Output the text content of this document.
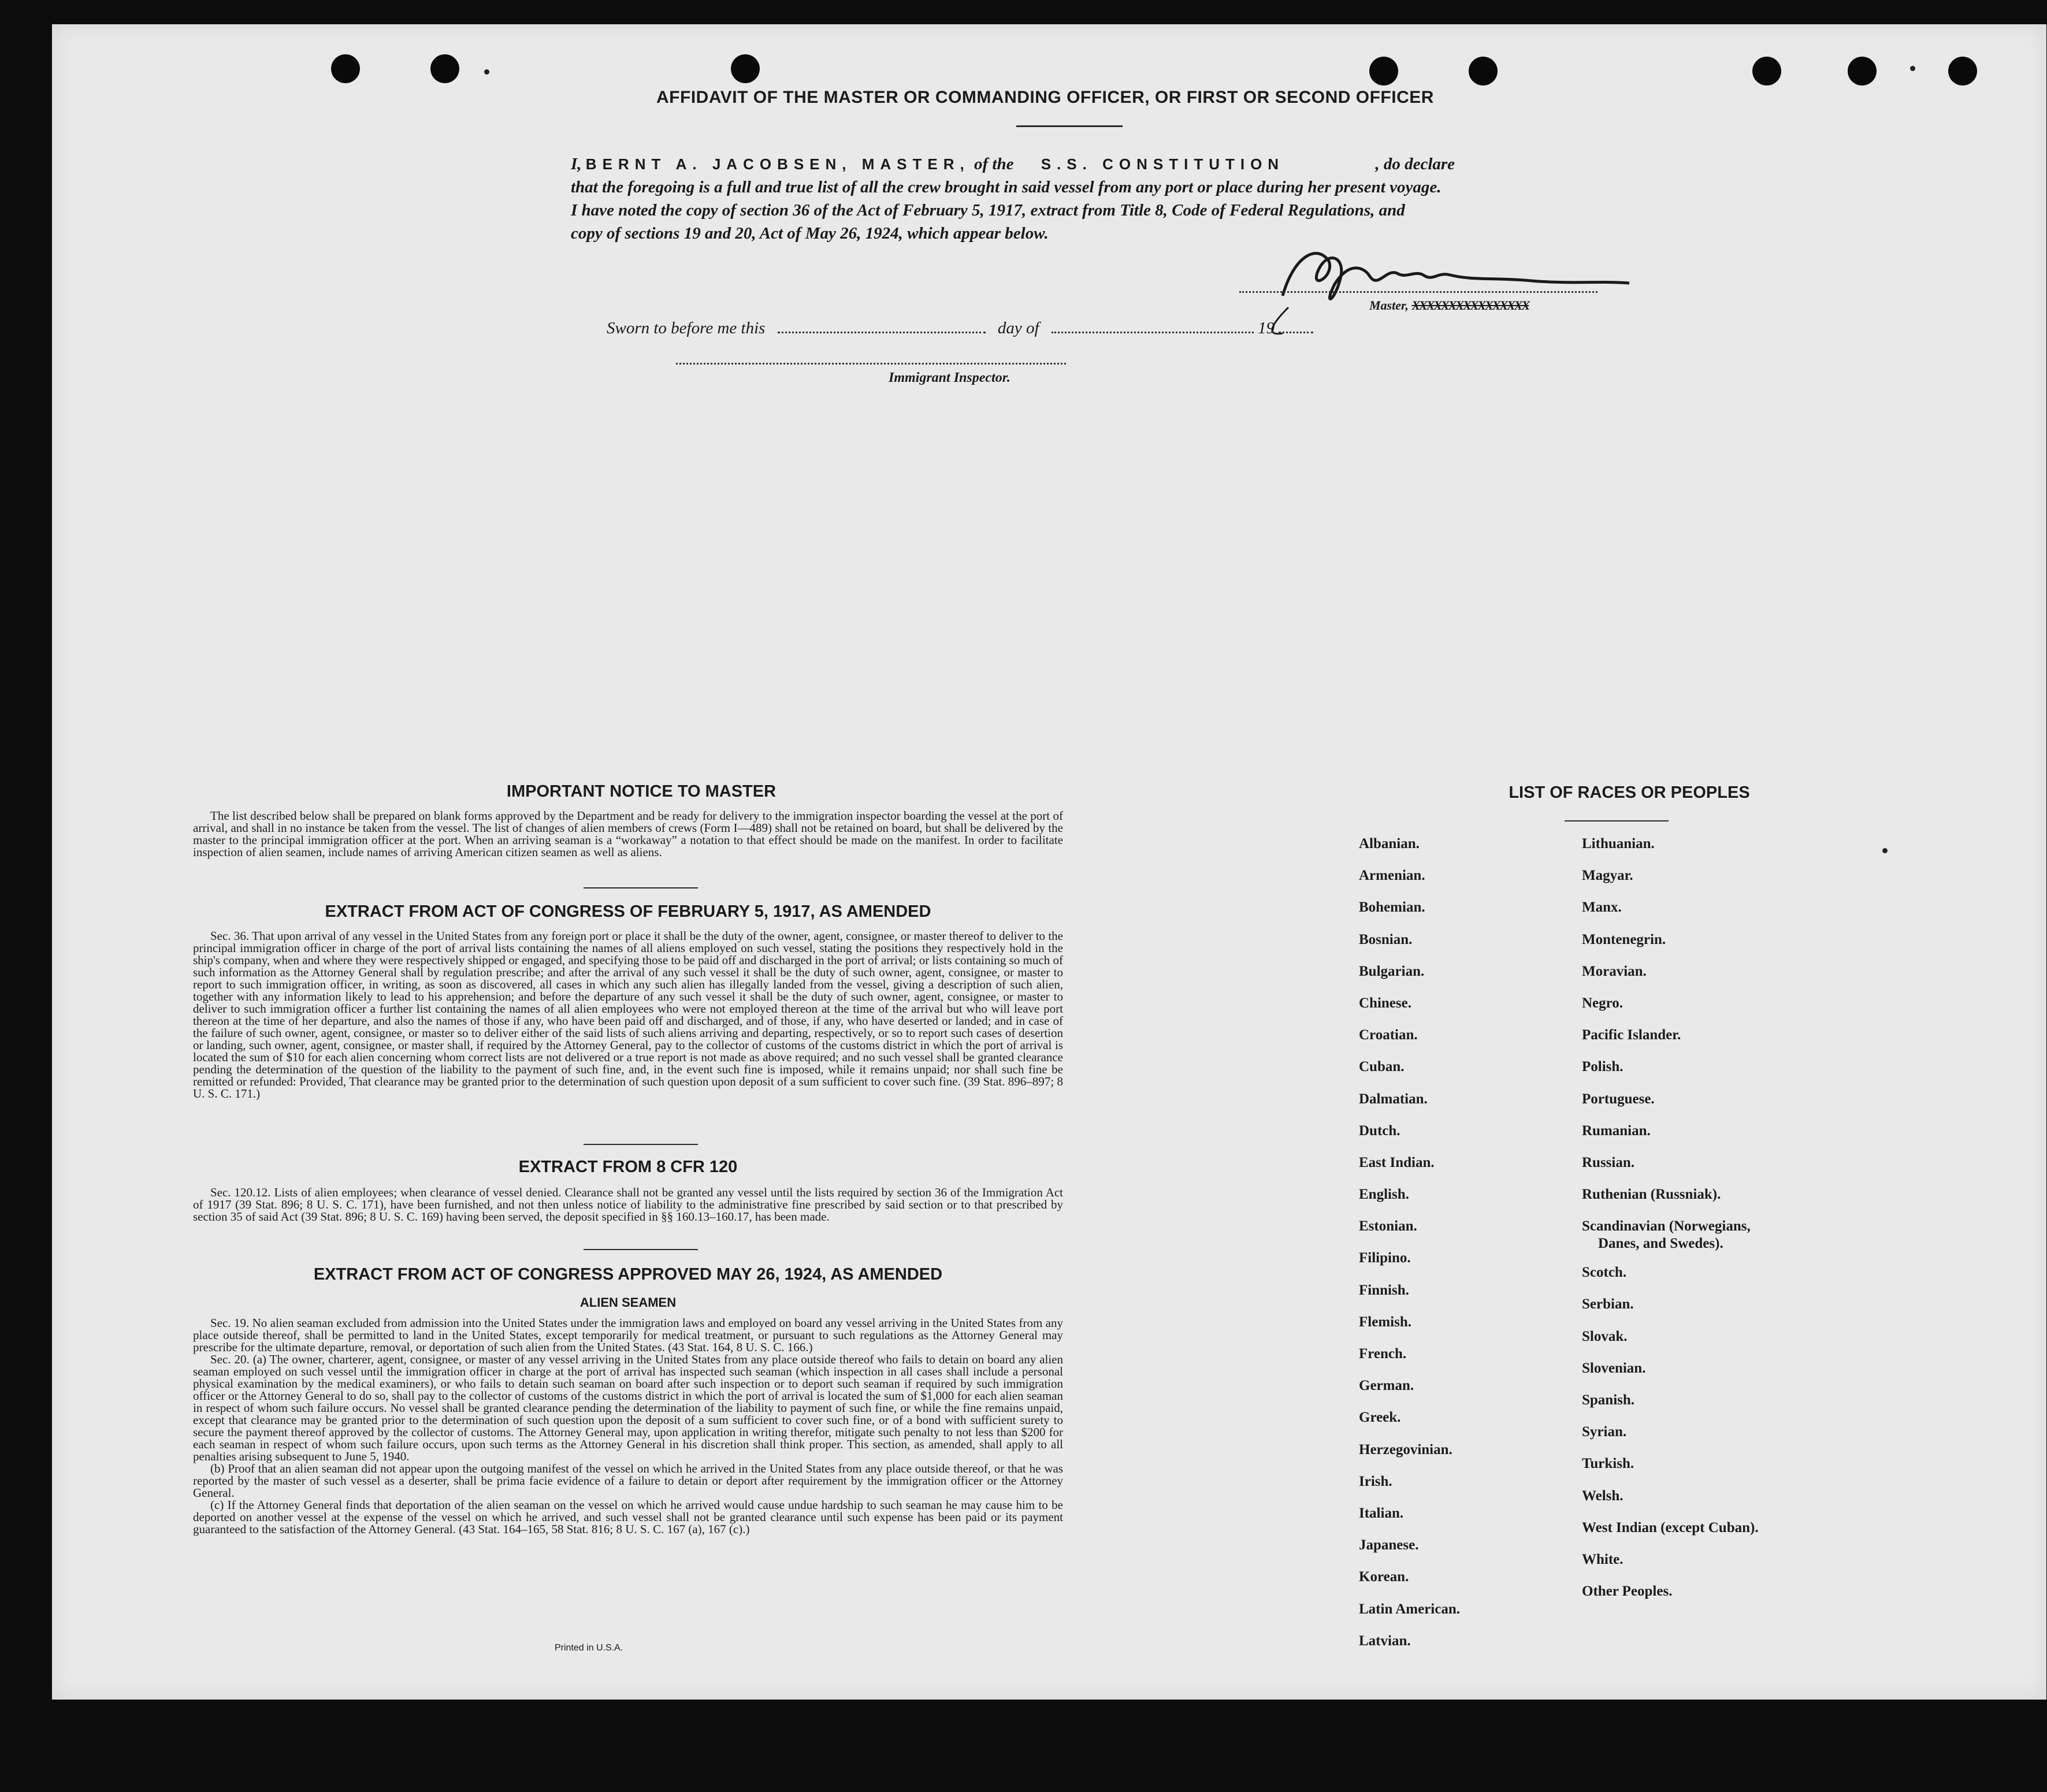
AFFIDAVIT OF THE MASTER OR COMMANDING OFFICER, OR FIRST OR SECOND OFFICER
I, BERNT A. JACOBSEN, MASTER, of the S.S. CONSTITUTION	, do declare
that the foregoing is a full and true list of all the crew brought in said vessel from any port or place during her present voyage.
I have noted the copy of section 36 of the Act of February 5, 1917, extract from Title 8, Code of Federal Regulations, and
copy of sections 19 and 20, Act of May 26, 1924, which appear below.
Master, XXXXXXXXXXXXXXXX
Sworn to before me this	day of	19
Immigrant Inspector.
IMPORTANT NOTICE TO MASTER

The list described below shall be prepared on blank forms approved by the Department and be ready for delivery to the immigration inspector boarding the vessel at the port of arrival, and shall in no instance be taken from the vessel. The list of changes of alien members of crews (Form I—489) shall not be retained on board, but shall be delivered by the master to the principal immigration officer at the port. When an arriving seaman is a “workaway” a notation to that effect should be made on the manifest. In order to facilitate inspection of alien seamen, include names of arriving American citizen seamen as well as aliens.

EXTRACT FROM ACT OF CONGRESS OF FEBRUARY 5, 1917, AS AMENDED

Sec. 36. That upon arrival of any vessel in the United States from any foreign port or place it shall be the duty of the owner, agent, consignee, or master thereof to deliver to the principal immigration officer in charge of the port of arrival lists containing the names of all aliens employed on such vessel, stating the positions they respectively hold in the ship's company, when and where they were respectively shipped or engaged, and specifying those to be paid off and discharged in the port of arrival; or lists containing so much of such information as the Attorney General shall by regulation prescribe; and after the arrival of any such vessel it shall be the duty of such owner, agent, consignee, or master to report to such immigration officer, in writing, as soon as discovered, all cases in which any such alien has illegally landed from the vessel, giving a description of such alien, together with any information likely to lead to his apprehension; and before the departure of any such vessel it shall be the duty of such owner, agent, consignee, or master to deliver to such immigration officer a further list containing the names of all alien employees who were not employed thereon at the time of the arrival but who will leave port thereon at the time of her departure, and also the names of those if any, who have been paid off and discharged, and of those, if any, who have deserted or landed; and in case of the failure of such owner, agent, consignee, or master so to deliver either of the said lists of such aliens arriving and departing, respectively, or so to report such cases of desertion or landing, such owner, agent, consignee, or master shall, if required by the Attorney General, pay to the collector of customs of the customs district in which the port of arrival is located the sum of $10 for each alien concerning whom correct lists are not delivered or a true report is not made as above required; and no such vessel shall be granted clearance pending the determination of the question of the liability to the payment of such fine, and, in the event such fine is imposed, while it remains unpaid; nor shall such fine be remitted or refunded: Provided, That clearance may be granted prior to the determination of such question upon deposit of a sum sufficient to cover such fine. (39 Stat. 896–897; 8 U. S. C. 171.)

EXTRACT FROM 8 CFR 120

Sec. 120.12. Lists of alien employees; when clearance of vessel denied. Clearance shall not be granted any vessel until the lists required by section 36 of the Immigration Act of 1917 (39 Stat. 896; 8 U. S. C. 171), have been furnished, and not then unless notice of liability to the administrative fine prescribed by said section or to that prescribed by section 35 of said Act (39 Stat. 896; 8 U. S. C. 169) having been served, the deposit specified in §§ 160.13–160.17, has been made.

EXTRACT FROM ACT OF CONGRESS APPROVED MAY 26, 1924, AS AMENDED
ALIEN SEAMEN

Sec. 19. No alien seaman excluded from admission into the United States under the immigration laws and employed on board any vessel arriving in the United States from any place outside thereof, shall be permitted to land in the United States, except temporarily for medical treatment, or pursuant to such regulations as the Attorney General may prescribe for the ultimate departure, removal, or deportation of such alien from the United States. (43 Stat. 164, 8 U. S. C. 166.)

Sec. 20. (a) The owner, charterer, agent, consignee, or master of any vessel arriving in the United States from any place outside thereof who fails to detain on board any alien seaman employed on such vessel until the immigration officer in charge at the port of arrival has inspected such seaman (which inspection in all cases shall include a personal physical examination by the medical examiners), or who fails to detain such seaman on board after such inspection or to deport such seaman if required by such immigration officer or the Attorney General to do so, shall pay to the collector of customs of the customs district in which the port of arrival is located the sum of $1,000 for each alien seaman in respect of whom such failure occurs. No vessel shall be granted clearance pending the determination of the liability to payment of such fine, or while the fine remains unpaid, except that clearance may be granted prior to the determination of such question upon the deposit of a sum sufficient to cover such fine, or of a bond with sufficient surety to secure the payment thereof approved by the collector of customs. The Attorney General may, upon application in writing therefor, mitigate such penalty to not less than $200 for each seaman in respect of whom such failure occurs, upon such terms as the Attorney General in his discretion shall think proper. This section, as amended, shall apply to all penalties arising subsequent to June 5, 1940.

(b) Proof that an alien seaman did not appear upon the outgoing manifest of the vessel on which he arrived in the United States from any place outside thereof, or that he was reported by the master of such vessel as a deserter, shall be prima facie evidence of a failure to detain or deport after requirement by the immigration officer or the Attorney General.

(c) If the Attorney General finds that deportation of the alien seaman on the vessel on which he arrived would cause undue hardship to such seaman he may cause him to be deported on another vessel at the expense of the vessel on which he arrived, and such vessel shall not be granted clearance until such expense has been paid or its payment guaranteed to the satisfaction of the Attorney General. (43 Stat. 164–165, 58 Stat. 816; 8 U. S. C. 167 (a), 167 (c).)

Printed in U.S.A.
LIST OF RACES OR PEOPLES
Albanian.
Armenian.
Bohemian.
Bosnian.
Bulgarian.
Chinese.
Croatian.
Cuban.
Dalmatian.
Dutch.
East Indian.
English.
Estonian.
Filipino.
Finnish.
Flemish.
French.
German.
Greek.
Herzegovinian.
Irish.
Italian.
Japanese.
Korean.
Latin American.
Latvian.
Lithuanian.
Magyar.
Manx.
Montenegrin.
Moravian.
Negro.
Pacific Islander.
Polish.
Portuguese.
Rumanian.
Russian.
Ruthenian (Russniak).
Scandinavian (Norwegians,
Danes, and Swedes).
Scotch.
Serbian.
Slovak.
Slovenian.
Spanish.
Syrian.
Turkish.
Welsh.
West Indian (except Cuban).
White.
Other Peoples.
